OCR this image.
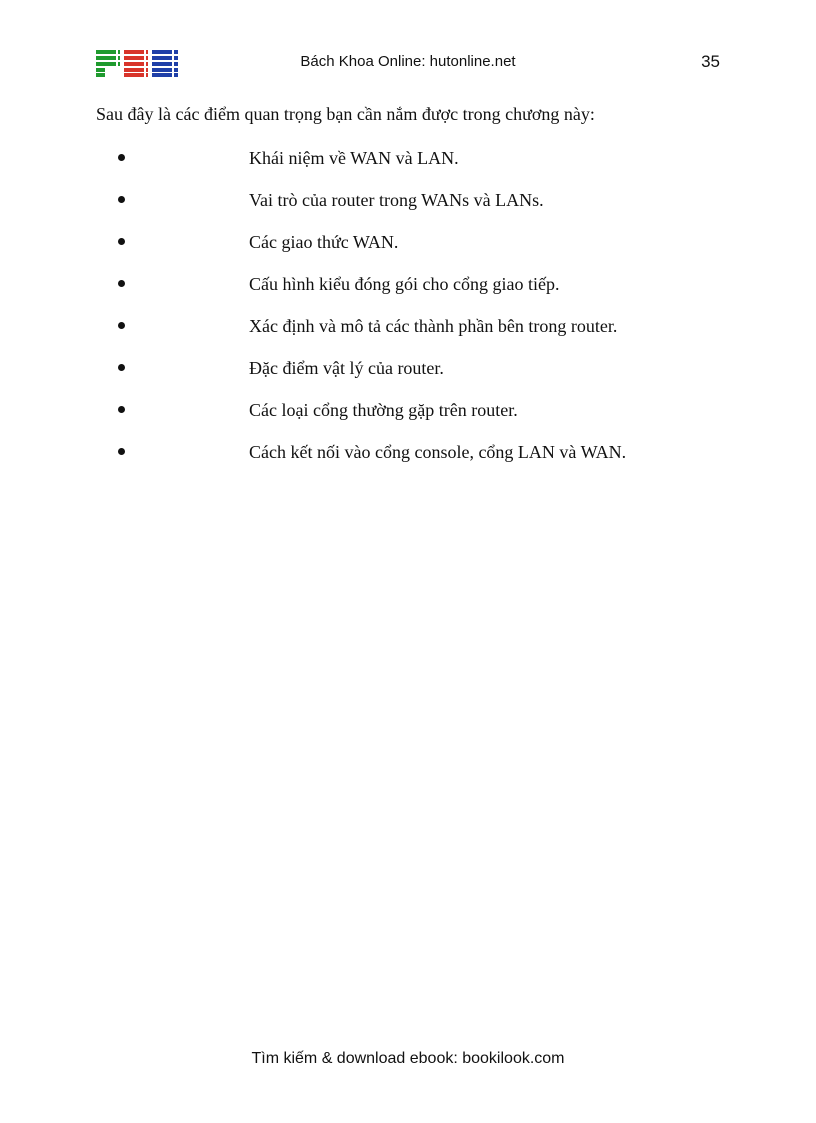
Bách Khoa Online: hutonline.net	35
Sau đây là các điểm quan trọng bạn cần nắm được trong chương này:
Khái niệm về WAN và LAN.
Vai trò của router trong WANs và LANs.
Các giao thức WAN.
Cấu hình kiểu đóng gói cho cổng giao tiếp.
Xác định và mô tả các thành phần bên trong router.
Đặc điểm vật lý của router.
Các loại cổng thường gặp trên router.
Cách kết nối vào cổng console, cổng LAN và WAN.
Tìm kiếm & download ebook: bookilook.com
